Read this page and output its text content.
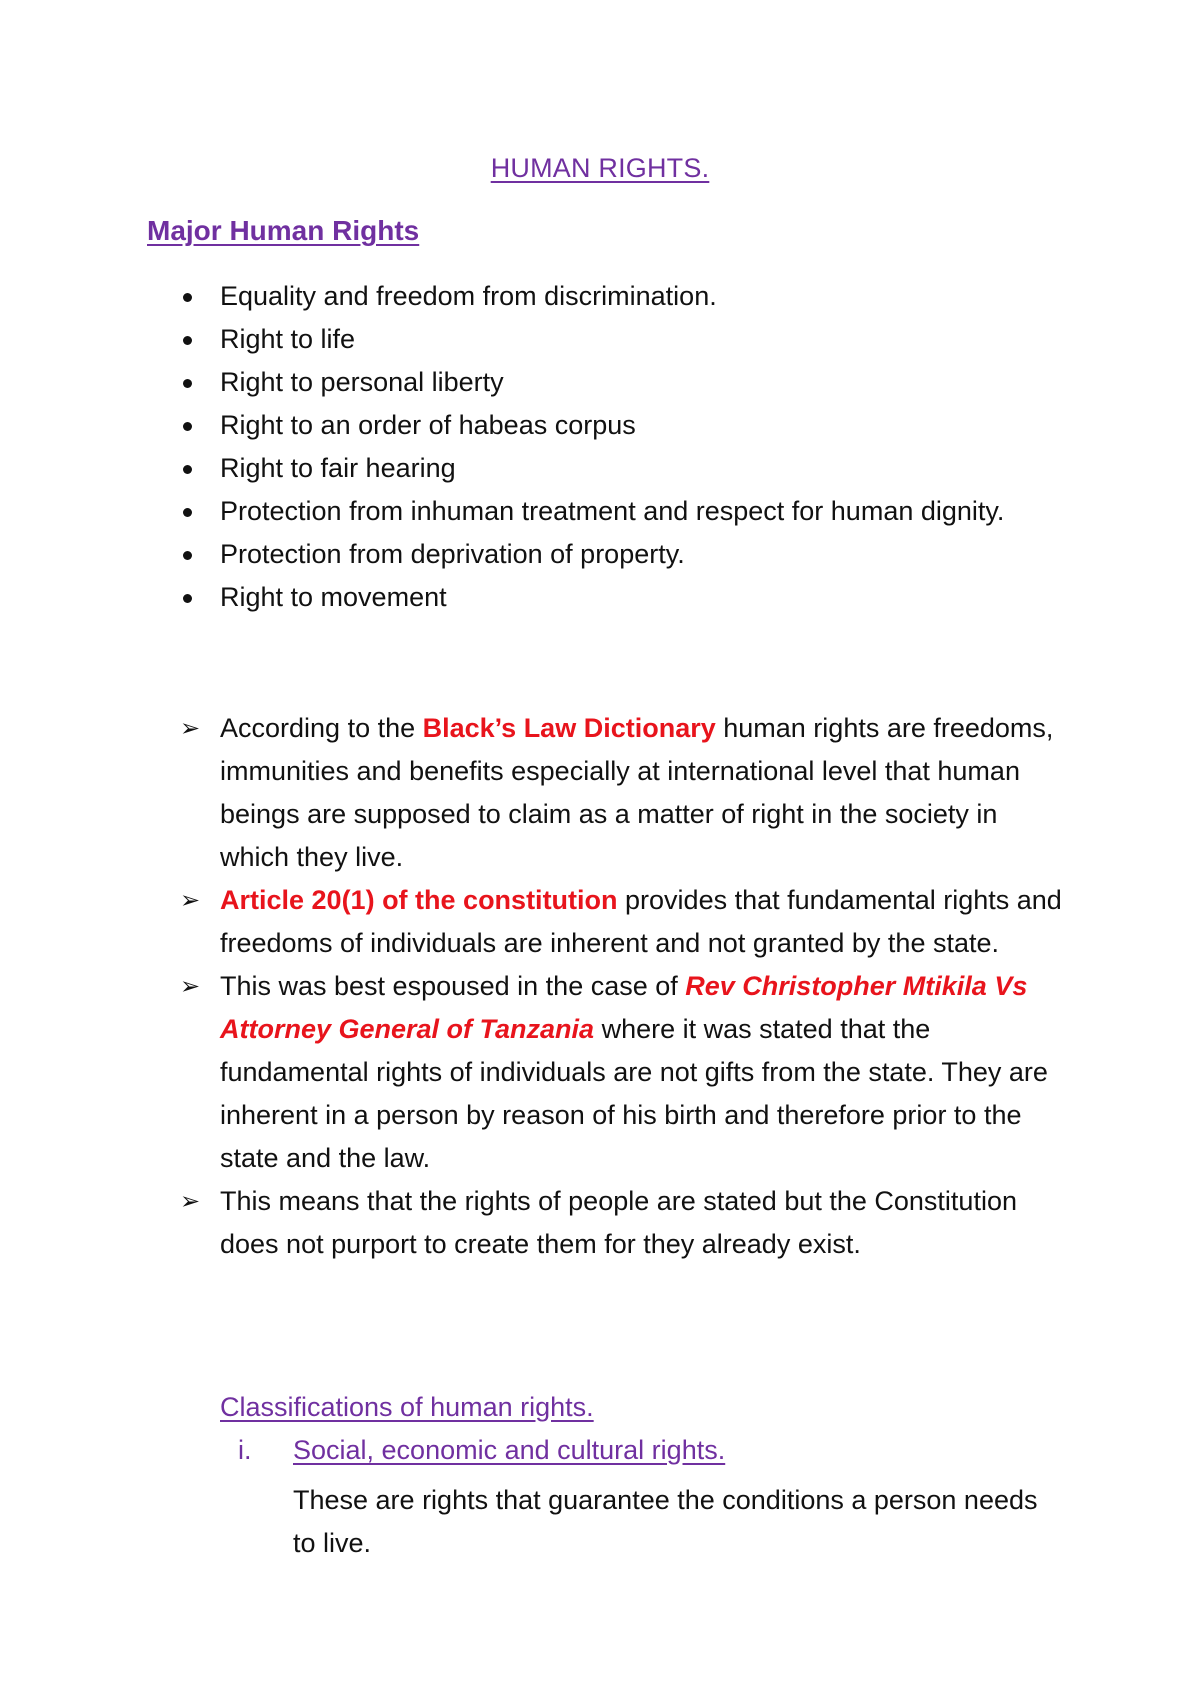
HUMAN RIGHTS.
Major Human Rights
Equality and freedom from discrimination.
Right to life
Right to personal liberty
Right to an order of habeas corpus
Right to fair hearing
Protection from inhuman treatment and respect for human dignity.
Protection from deprivation of property.
Right to movement
➢ According to the Black’s Law Dictionary human rights are freedoms, immunities and benefits especially at international level that human beings are supposed to claim as a matter of right in the society in which they live.
➢ Article 20(1) of the constitution provides that fundamental rights and freedoms of individuals are inherent and not granted by the state.
➢ This was best espoused in the case of Rev Christopher Mtikila Vs Attorney General of Tanzania where it was stated that the fundamental rights of individuals are not gifts from the state. They are inherent in a person by reason of his birth and therefore prior to the state and the law.
➢ This means that the rights of people are stated but the Constitution does not purport to create them for they already exist.
Classifications of human rights.
i. Social, economic and cultural rights.
These are rights that guarantee the conditions a person needs to live.
